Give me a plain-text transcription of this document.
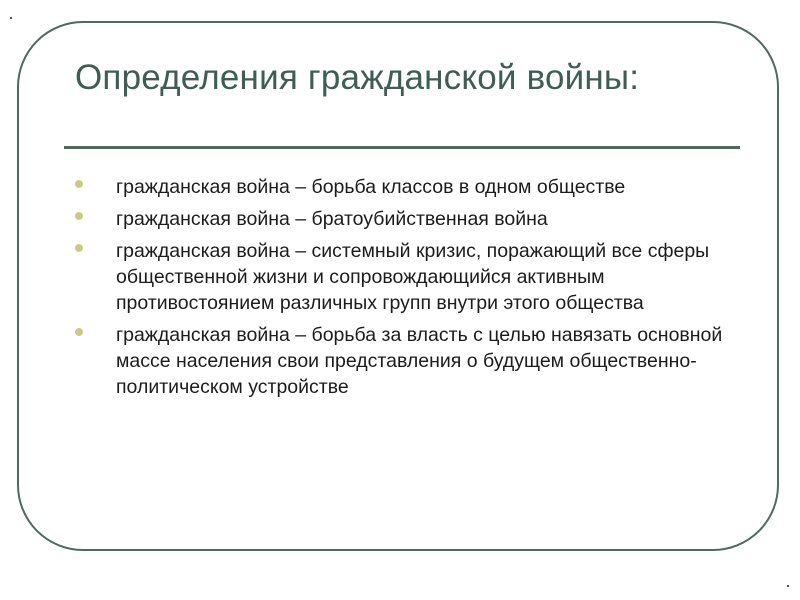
Определения гражданской войны:
гражданская война – борьба классов в одном обществе
гражданская война – братоубийственная война
гражданская война – системный кризис, поражающий все сферы общественной жизни и сопровождающийся активным противостоянием различных групп внутри этого общества
гражданская война – борьба за власть с целью навязать основной массе населения свои представления о будущем общественно-политическом устройстве
